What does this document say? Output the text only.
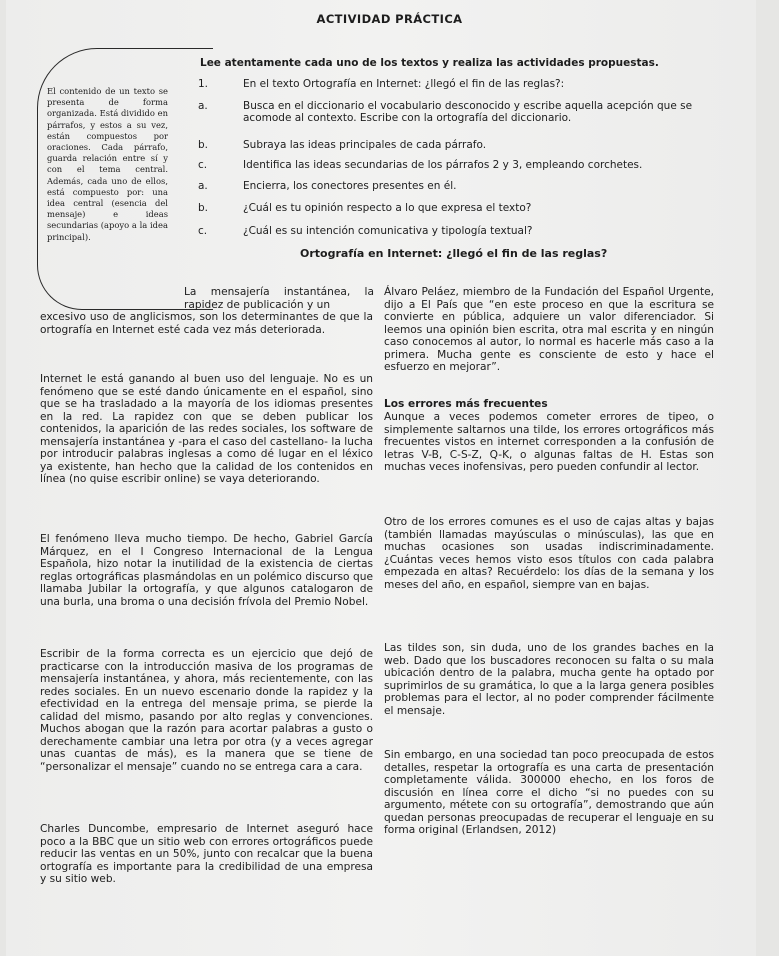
ACTIVIDAD PRÁCTICA
Lee atentamente cada uno de los textos y realiza las actividades propuestas.
El contenido de un texto se presenta de forma organizada. Está dividido en párrafos, y estos a su vez, están compuestos por oraciones. Cada párrafo, guarda relación entre sí y con el tema central. Además, cada uno de ellos, está compuesto por: una idea central (esencia del mensaje) e ideas secundarias (apoyo a la idea principal).
1.	En el texto Ortografía en Internet: ¿llegó el fin de las reglas?:
a.	Busca en el diccionario el vocabulario desconocido y escribe aquella acepción que se acomode al contexto. Escribe con la ortografía del diccionario.
b.	Subraya las ideas principales de cada párrafo.
c.	Identifica las ideas secundarias de los párrafos 2 y 3, empleando corchetes.
a.	Encierra, los conectores presentes en él.
b.	¿Cuál es tu opinión respecto a lo que expresa el texto?
c.	¿Cuál es su intención comunicativa y tipología textual?
Ortografía en Internet: ¿llegó el fin de las reglas?
La mensajería instantánea, la rapidez de publicación y un
excesivo uso de anglicismos, son los determinantes de que la ortografía en Internet esté cada vez más deteriorada.
Internet le está ganando al buen uso del lenguaje. No es un fenómeno que se esté dando únicamente en el español, sino que se ha trasladado a la mayoría de los idiomas presentes en la red. La rapidez con que se deben publicar los contenidos, la aparición de las redes sociales, los software de mensajería instantánea y -para el caso del castellano- la lucha por introducir palabras inglesas a como dé lugar en el léxico ya existente, han hecho que la calidad de los contenidos en línea (no quise escribir online) se vaya deteriorando.
El fenómeno lleva mucho tiempo. De hecho, Gabriel García Márquez, en el I Congreso Internacional de la Lengua Española, hizo notar la inutilidad de la existencia de ciertas reglas ortográficas plasmándolas en un polémico discurso que llamaba Jubilar la ortografía, y que algunos catalogaron de una burla, una broma o una decisión frívola del Premio Nobel.
Escribir de la forma correcta es un ejercicio que dejó de practicarse con la introducción masiva de los programas de mensajería instantánea, y ahora, más recientemente, con las redes sociales. En un nuevo escenario donde la rapidez y la efectividad en la entrega del mensaje prima, se pierde la calidad del mismo, pasando por alto reglas y convenciones. Muchos abogan que la razón para acortar palabras a gusto o derechamente cambiar una letra por otra (y a veces agregar unas cuantas de más), es la manera que se tiene de “personalizar el mensaje” cuando no se entrega cara a cara.
Charles Duncombe, empresario de Internet aseguró hace poco a la BBC que un sitio web con errores ortográficos puede reducir las ventas en un 50%, junto con recalcar que la buena ortografía es importante para la credibilidad de una empresa y su sitio web.
Álvaro Peláez, miembro de la Fundación del Español Urgente, dijo a El País que “en este proceso en que la escritura se convierte en pública, adquiere un valor diferenciador. Si leemos una opinión bien escrita, otra mal escrita y en ningún caso conocemos al autor, lo normal es hacerle más caso a la primera. Mucha gente es consciente de esto y hace el esfuerzo en mejorar”.
Los errores más frecuentes
Aunque a veces podemos cometer errores de tipeo, o simplemente saltarnos una tilde, los errores ortográficos más frecuentes vistos en internet corresponden a la confusión de letras V-B, C-S-Z, Q-K, o algunas faltas de H. Estas son muchas veces inofensivas, pero pueden confundir al lector.
Otro de los errores comunes es el uso de cajas altas y bajas (también llamadas mayúsculas o minúsculas), las que en muchas ocasiones son usadas indiscriminadamente. ¿Cuántas veces hemos visto esos títulos con cada palabra empezada en altas? Recuérdelo: los días de la semana y los meses del año, en español, siempre van en bajas.
Las tildes son, sin duda, uno de los grandes baches en la web. Dado que los buscadores reconocen su falta o su mala ubicación dentro de la palabra, mucha gente ha optado por suprimirlos de su gramática, lo que a la larga genera posibles problemas para el lector, al no poder comprender fácilmente el mensaje.
Sin embargo, en una sociedad tan poco preocupada de estos detalles, respetar la ortografía es una carta de presentación completamente válida. 300000 ehecho, en los foros de discusión en línea corre el dicho “si no puedes con su argumento, métete con su ortografía”, demostrando que aún quedan personas preocupadas de recuperar el lenguaje en su forma original (Erlandsen, 2012)
